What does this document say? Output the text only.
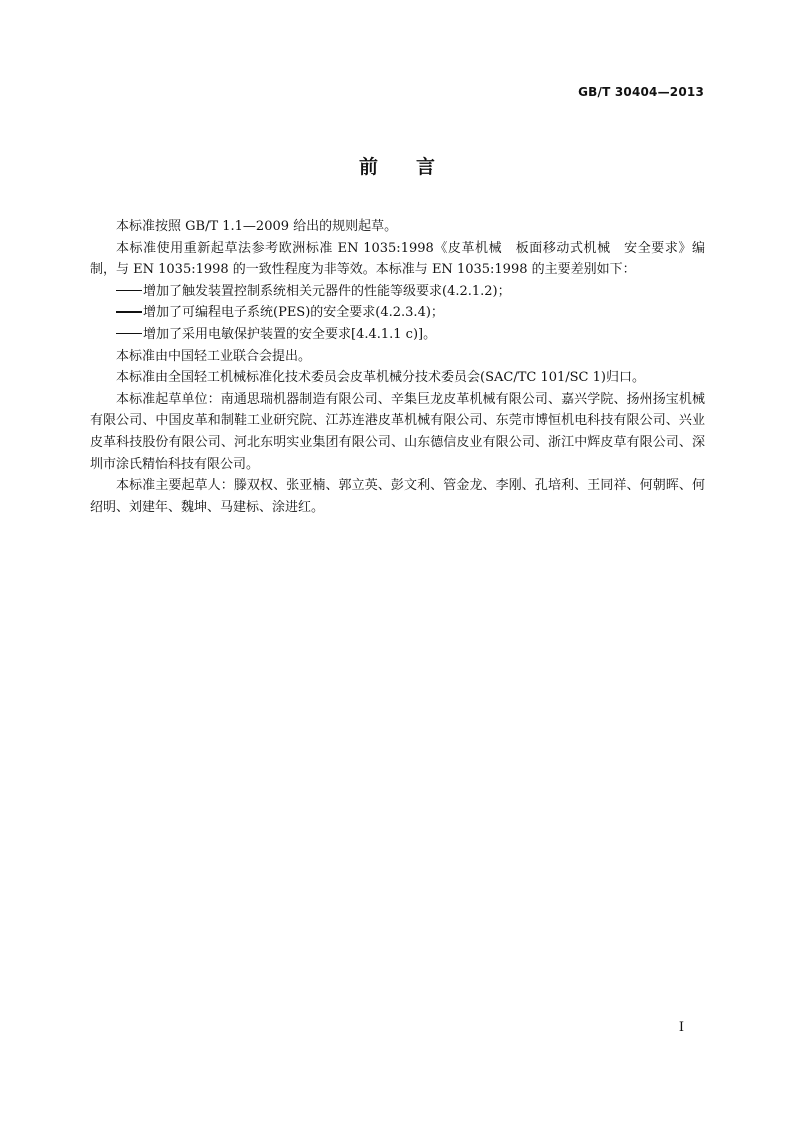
GB/T 30404—2013
前言

本标准按照 GB/T 1.1—2009 给出的规则起草。

本标准使用重新起草法参考欧洲标准 EN 1035:1998《皮革机械　板面移动式机械　安全要求》编制，与 EN 1035:1998 的一致性程度为非等效。本标准与 EN 1035:1998 的主要差别如下：

增加了触发装置控制系统相关元器件的性能等级要求(4.2.1.2)；

增加了可编程电子系统(PES)的安全要求(4.2.3.4)；

增加了采用电敏保护装置的安全要求[4.4.1.1 c)]。

本标准由中国轻工业联合会提出。

本标准由全国轻工机械标准化技术委员会皮革机械分技术委员会(SAC/TC 101/SC 1)归口。

本标准起草单位：南通思瑞机器制造有限公司、辛集巨龙皮革机械有限公司、嘉兴学院、扬州扬宝机械有限公司、中国皮革和制鞋工业研究院、江苏连港皮革机械有限公司、东莞市博恒机电科技有限公司、兴业皮革科技股份有限公司、河北东明实业集团有限公司、山东德信皮业有限公司、浙江中辉皮草有限公司、深圳市涂氏精怡科技有限公司。

本标准主要起草人：滕双权、张亚楠、郭立英、彭文利、管金龙、李刚、孔培利、王同祥、何朝晖、何绍明、刘建年、魏坤、马建标、涂进红。

I
